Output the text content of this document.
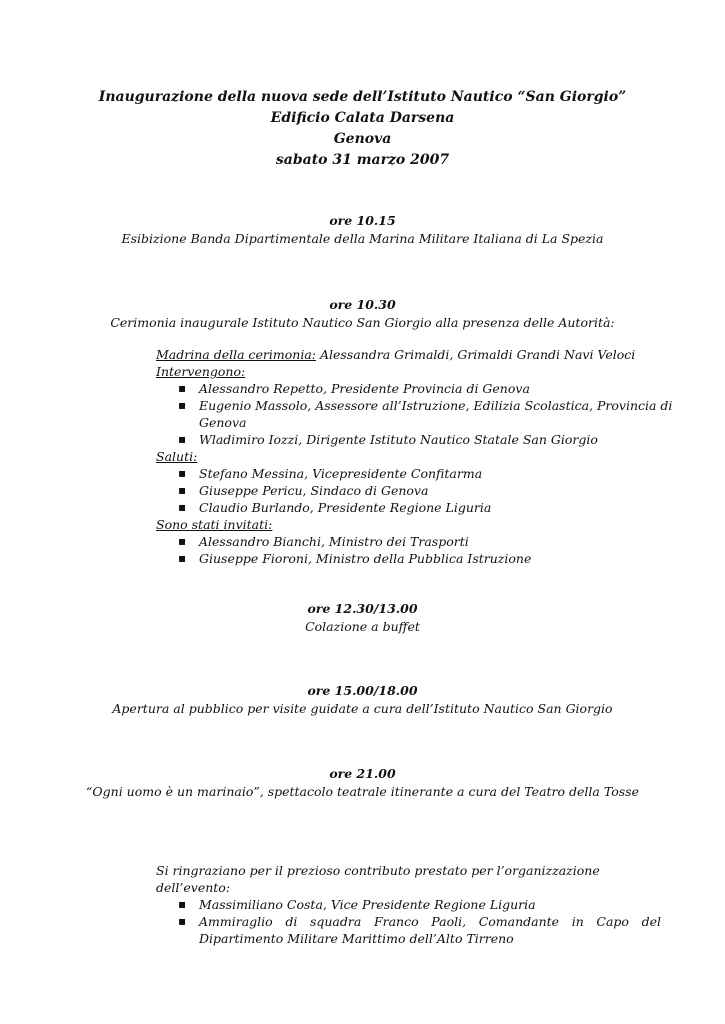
Inaugurazione della nuova sede dell’Istituto Nautico “San Giorgio”
Edificio Calata Darsena
Genova
sabato 31 marzo 2007
ore 10.15
Esibizione Banda Dipartimentale della Marina Militare Italiana di La Spezia
ore 10.30
Cerimonia inaugurale Istituto Nautico San Giorgio alla presenza delle Autorità:
Madrina della cerimonia: Alessandra Grimaldi, Grimaldi Grandi Navi Veloci
Intervengono:
▪ Alessandro Repetto, Presidente Provincia di Genova
▪ Eugenio Massolo, Assessore all’Istruzione, Edilizia Scolastica, Provincia di Genova
▪ Wladimiro Iozzi, Dirigente Istituto Nautico Statale San Giorgio
Saluti:
▪ Stefano Messina, Vicepresidente Confitarma
▪ Giuseppe Pericu, Sindaco di Genova
▪ Claudio Burlando, Presidente Regione Liguria
Sono stati invitati:
▪ Alessandro Bianchi, Ministro dei Trasporti
▪ Giuseppe Fioroni, Ministro della Pubblica Istruzione
ore 12.30/13.00
Colazione a buffet
ore 15.00/18.00
Apertura al pubblico per visite guidate a cura dell’Istituto Nautico San Giorgio
ore 21.00
“Ogni uomo è un marinaio”, spettacolo teatrale itinerante a cura del Teatro della Tosse
Si ringraziano per il prezioso contributo prestato per l’organizzazione dell’evento:
▪ Massimiliano Costa, Vice Presidente Regione Liguria
▪ Ammiraglio di squadra Franco Paoli, Comandante in Capo del Dipartimento Militare Marittimo dell’Alto Tirreno
